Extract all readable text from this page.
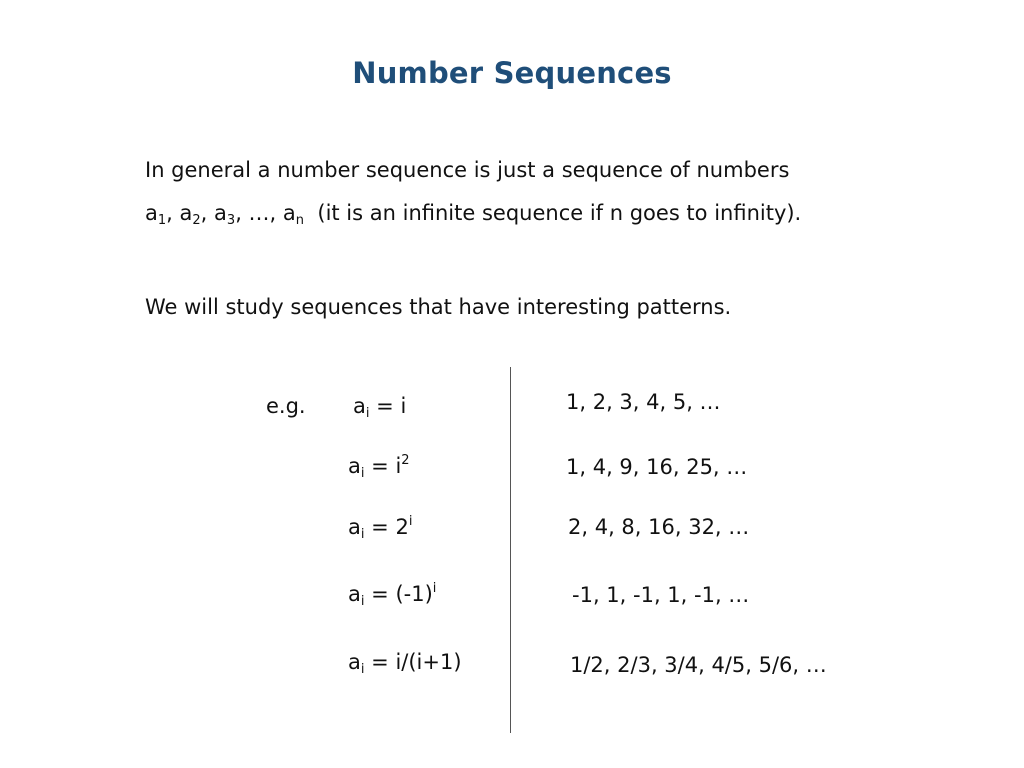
Number Sequences
In general a number sequence is just a sequence of numbers
$a_1$, $a_2$, $a_3$, …, $a_n$ (it is an infinite sequence if n goes to infinity).
We will study sequences that have interesting patterns.
e.g. $a_i = i$
$a_i = i^2$
$a_i = 2^i$
$a_i = (-1)^i$
$a_i = i/(i+1)$
1, 2, 3, 4, 5, …
1, 4, 9, 16, 25, …
2, 4, 8, 16, 32, …
-1, 1, -1, 1, -1, …
1/2, 2/3, 3/4, 4/5, 5/6, …
